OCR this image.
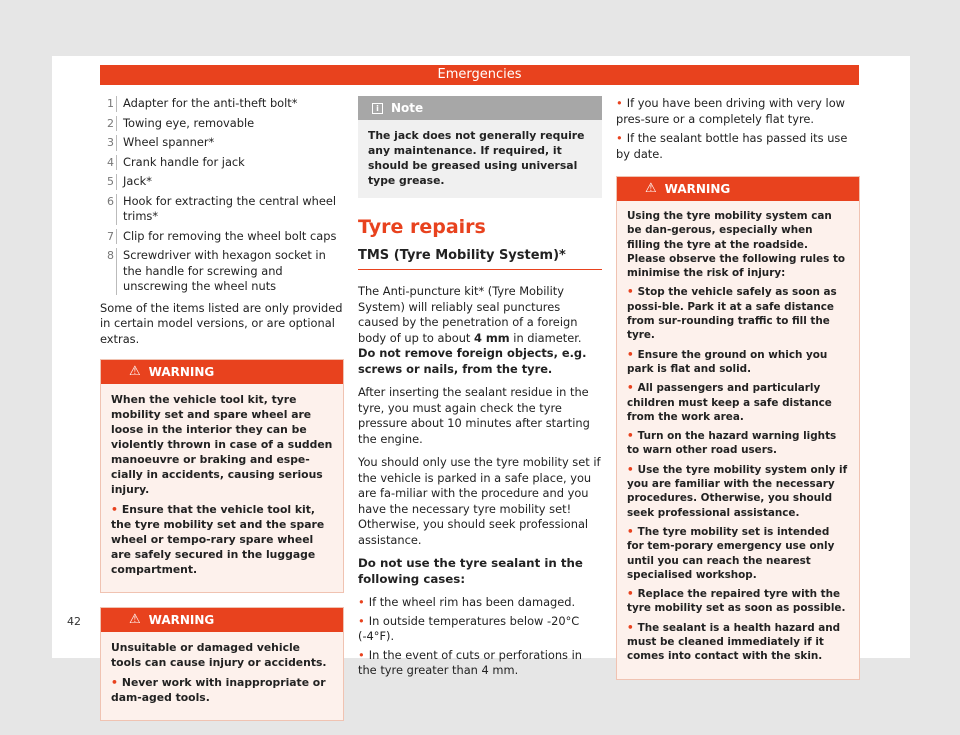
Emergencies
1 Adapter for the anti-theft bolt*
2 Towing eye, removable
3 Wheel spanner*
4 Crank handle for jack
5 Jack*
6 Hook for extracting the central wheel trims*
7 Clip for removing the wheel bolt caps
8 Screwdriver with hexagon socket in the handle for screwing and unscrewing the wheel nuts

Some of the items listed are only provided in certain model versions, or are optional extras.

⚠ WARNING

When the vehicle tool kit, tyre mobility set and spare wheel are loose in the interior they can be violently thrown in case of a sudden manoeuvre or braking and espe-cially in accidents, causing serious injury.

• Ensure that the vehicle tool kit, the tyre mobility set and the spare wheel or tempo-rary spare wheel are safely secured in the luggage compartment.

⚠ WARNING

Unsuitable or damaged vehicle tools can cause injury or accidents.

• Never work with inappropriate or dam-aged tools.

i	Note
The jack does not generally require any maintenance. If required, it should be greased using universal type grease.
Tyre repairs
TMS (Tyre Mobility System)*

The Anti-puncture kit* (Tyre Mobility System) will reliably seal punctures caused by the penetration of a foreign body of up to about 4 mm in diameter. Do not remove foreign objects, e.g. screws or nails, from the tyre.

After inserting the sealant residue in the tyre, you must again check the tyre pressure about 10 minutes after starting the engine.

You should only use the tyre mobility set if the vehicle is parked in a safe place, you are fa-miliar with the procedure and you have the necessary tyre mobility set! Otherwise, you should seek professional assistance.

Do not use the tyre sealant in the following cases:

• If the wheel rim has been damaged.

• In outside temperatures below -20°C (-4°F).

• In the event of cuts or perforations in the tyre greater than 4 mm.

• If you have been driving with very low pres-sure or a completely flat tyre.

• If the sealant bottle has passed its use by date.

⚠ WARNING

Using the tyre mobility system can be dan-gerous, especially when filling the tyre at the roadside. Please observe the following rules to minimise the risk of injury:

• Stop the vehicle safely as soon as possi-ble. Park it at a safe distance from sur-rounding traffic to fill the tyre.

• Ensure the ground on which you park is flat and solid.

• All passengers and particularly children must keep a safe distance from the work area.

• Turn on the hazard warning lights to warn other road users.

• Use the tyre mobility system only if you are familiar with the necessary procedures. Otherwise, you should seek professional assistance.

• The tyre mobility set is intended for tem-porary emergency use only until you can reach the nearest specialised workshop.

• Replace the repaired tyre with the tyre mobility set as soon as possible.

• The sealant is a health hazard and must be cleaned immediately if it comes into contact with the skin.

42
